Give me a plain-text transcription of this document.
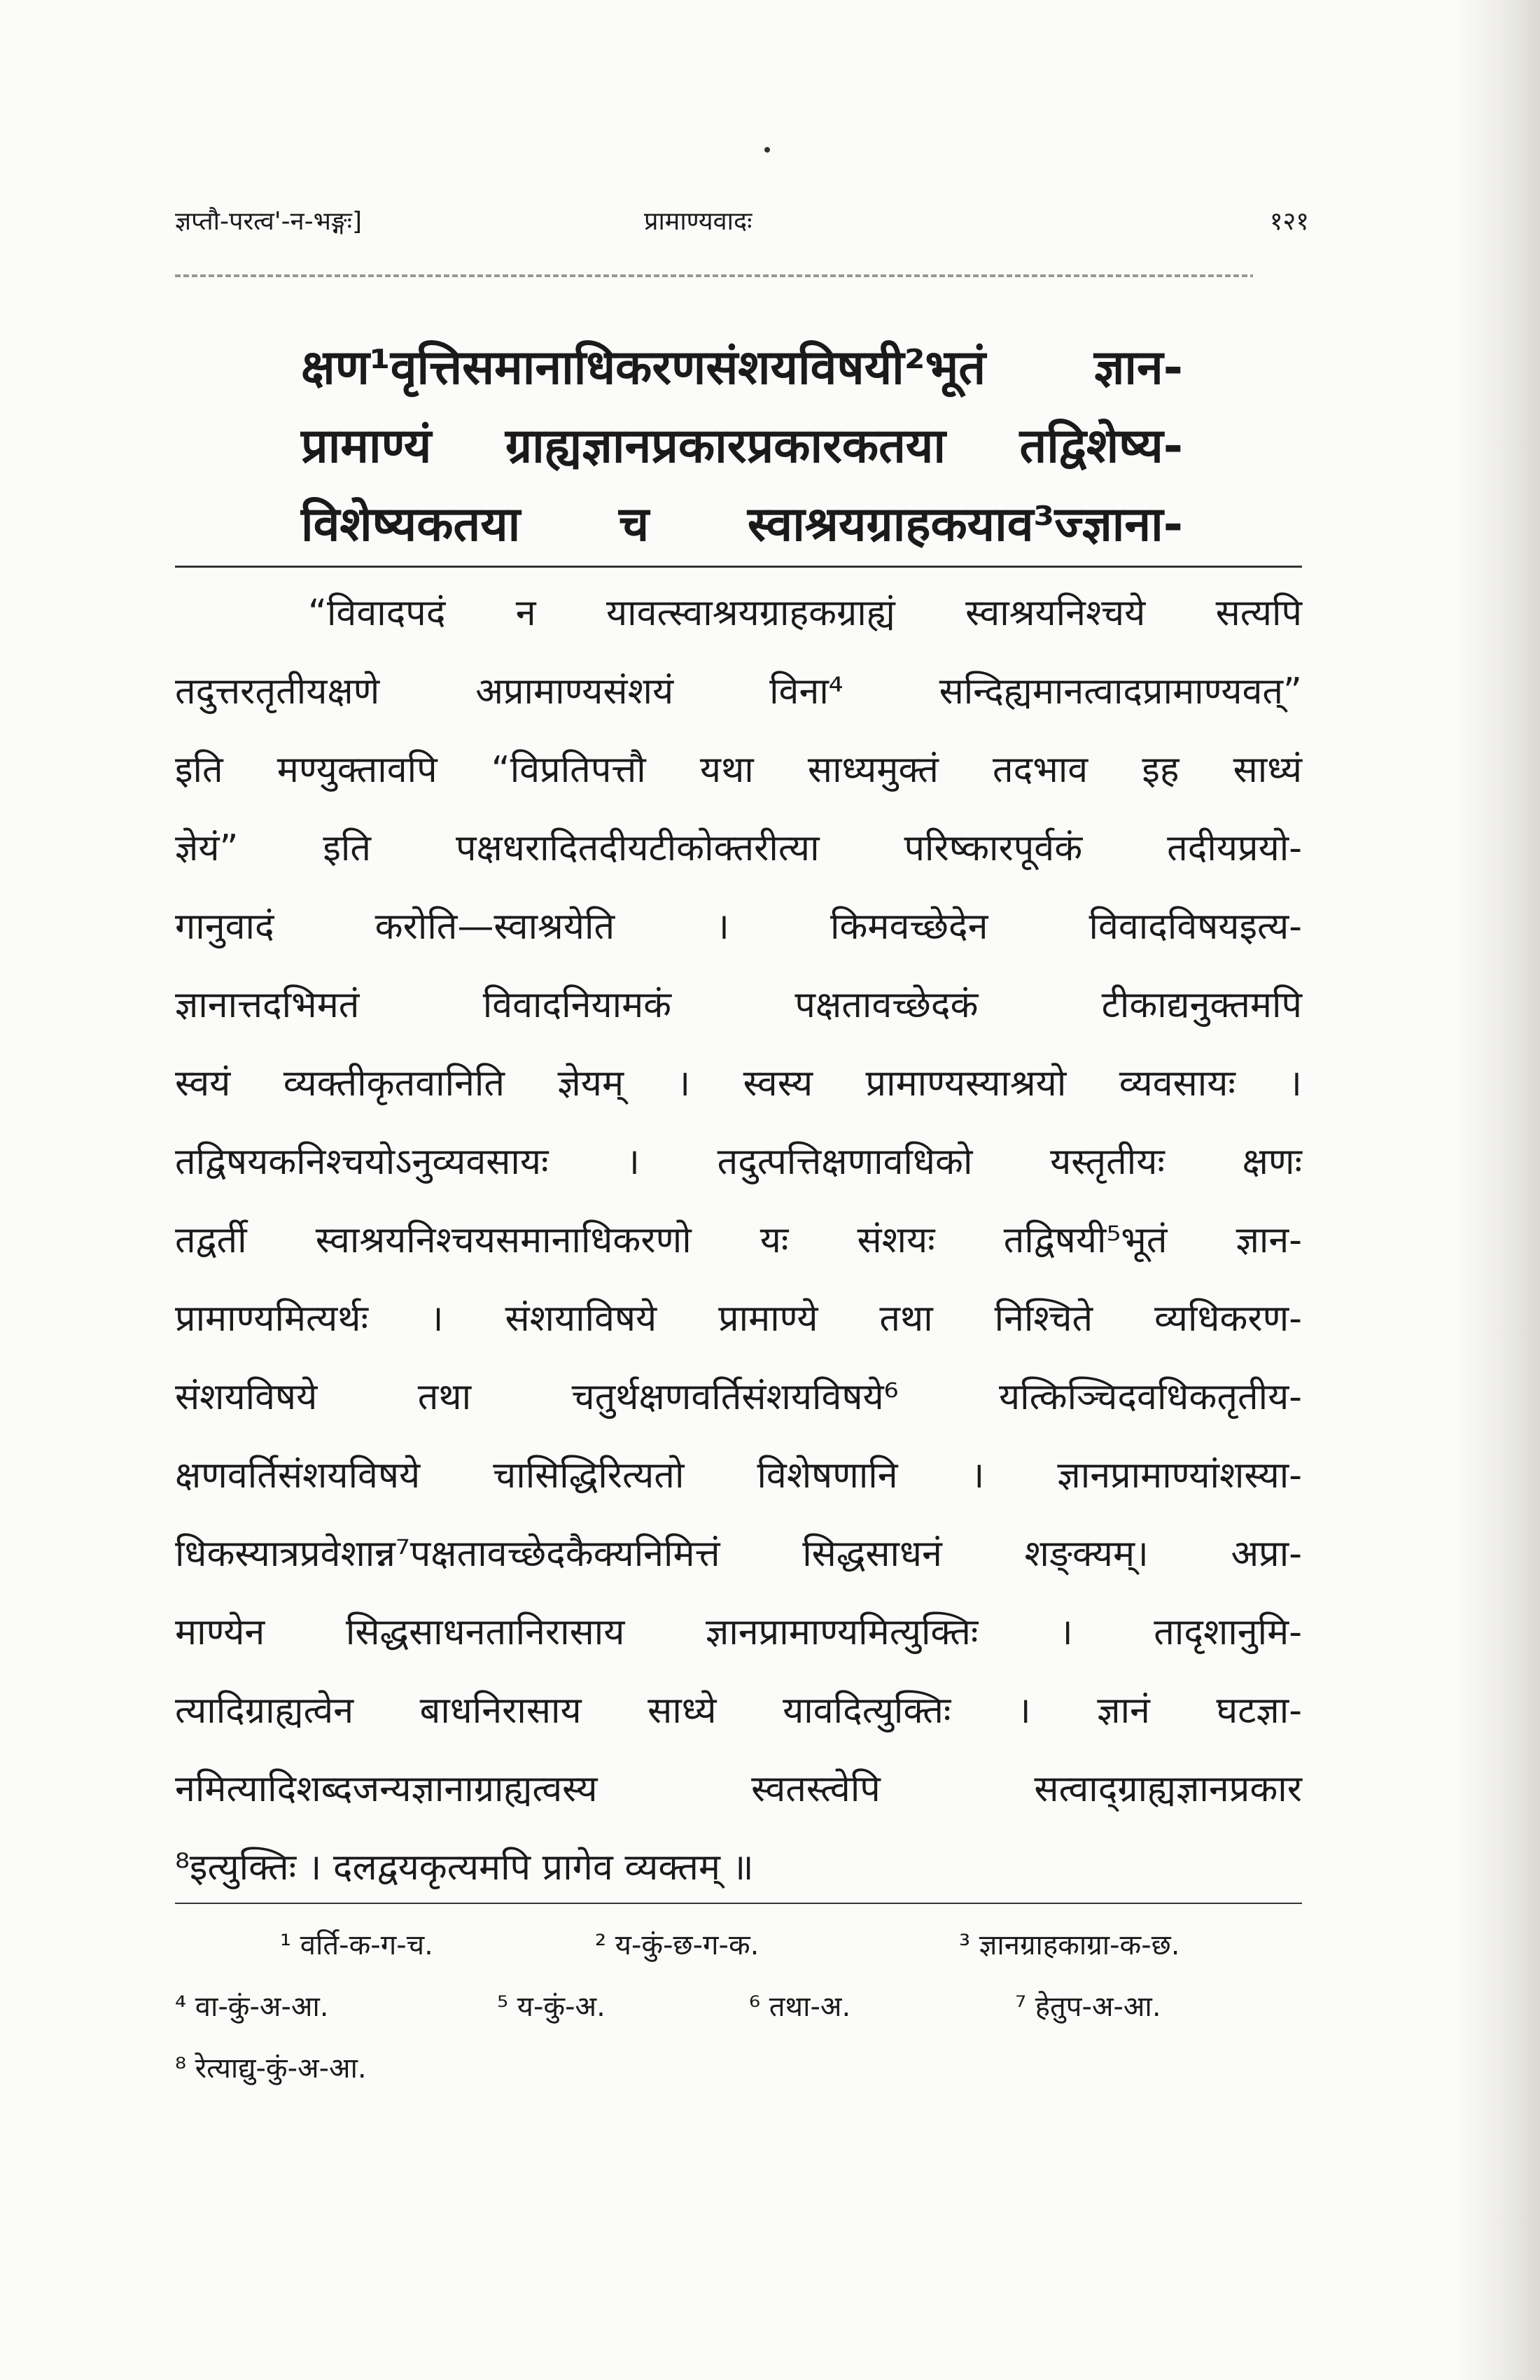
ज्ञप्तौ-परत्व'-न-भङ्गः]	प्रामाण्यवादः	१२१
क्षण¹वृत्तिसमानाधिकरणसंशयविषयी²भूतं ज्ञान-
प्रामाण्यं ग्राह्यज्ञानप्रकारप्रकारकतया तद्विशेष्य-
विशेष्यकतया च स्वाश्रयग्राहकयाव³ज्ज्ञाना-
“विवादपदं न यावत्स्वाश्रयग्राहकग्राह्यं स्वाश्रयनिश्चये सत्यपि
तदुत्तरतृतीयक्षणे अप्रामाण्यसंशयं विना⁴ सन्दिह्यमानत्वादप्रामाण्यवत्”
इति मण्युक्तावपि “विप्रतिपत्तौ यथा साध्यमुक्तं तदभाव इह साध्यं
ज्ञेयं” इति पक्षधरादितदीयटीकोक्तरीत्या परिष्कारपूर्वकं तदीयप्रयो-
गानुवादं करोति—स्वाश्रयेति । किमवच्छेदेन विवादविषयइत्य-
ज्ञानात्तदभिमतं विवादनियामकं पक्षतावच्छेदकं टीकाद्यनुक्तमपि
स्वयं व्यक्तीकृतवानिति ज्ञेयम् । स्वस्य प्रामाण्यस्याश्रयो व्यवसायः ।
तद्विषयकनिश्चयोऽनुव्यवसायः । तदुत्पत्तिक्षणावधिको यस्तृतीयः क्षणः
तद्वर्ती स्वाश्रयनिश्चयसमानाधिकरणो यः संशयः तद्विषयी⁵भूतं ज्ञान-
प्रामाण्यमित्यर्थः । संशयाविषये प्रामाण्ये तथा निश्चिते व्यधिकरण-
संशयविषये तथा चतुर्थक्षणवर्तिसंशयविषये⁶ यत्किञ्चिदवधिकतृतीय-
क्षणवर्तिसंशयविषये चासिद्धिरित्यतो विशेषणानि । ज्ञानप्रामाण्यांशस्या-
धिकस्यात्रप्रवेशान्न⁷पक्षतावच्छेदकैक्यनिमित्तं सिद्धसाधनं शङ्क्यम्। अप्रा-
माण्येन सिद्धसाधनतानिरासाय ज्ञानप्रामाण्यमित्युक्तिः । तादृशानुमि-
त्यादिग्राह्यत्वेन बाधनिरासाय साध्ये यावदित्युक्तिः । ज्ञानं घटज्ञा-
नमित्यादिशब्दजन्यज्ञानाग्राह्यत्वस्य स्वतस्त्वेपि सत्वाद्ग्राह्यज्ञानप्रकार
⁸इत्युक्तिः । दलद्वयकृत्यमपि प्रागेव व्यक्तम् ॥
¹ वर्ति-क-ग-च.	² य-कुं-छ-ग-क.	³ ज्ञानग्राहकाग्रा-क-छ.
⁴ वा-कुं-अ-आ.	⁵ य-कुं-अ.	⁶ तथा-अ.	⁷ हेतुप-अ-आ.
⁸ रेत्याद्यु-कुं-अ-आ.
